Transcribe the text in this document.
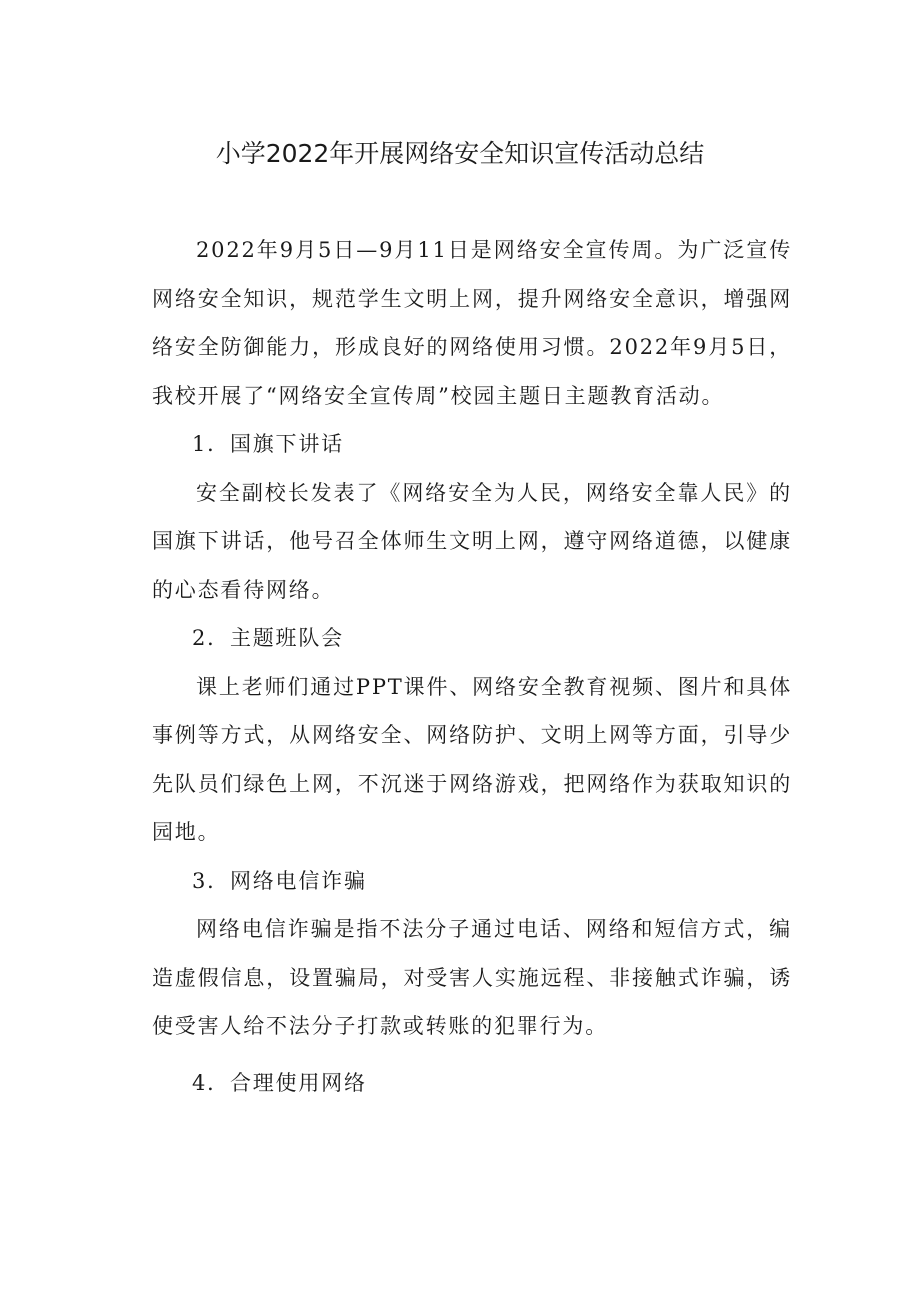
小学2022年开展网络安全知识宣传活动总结

2022年9月5日—9月11日是网络安全宣传周。为广泛宣传网络安全知识，规范学生文明上网，提升网络安全意识，增强网络安全防御能力，形成良好的网络使用习惯。2022年9月5日，我校开展了“网络安全宣传周”校园主题日主题教育活动。

1．国旗下讲话

安全副校长发表了《网络安全为人民，网络安全靠人民》的国旗下讲话，他号召全体师生文明上网，遵守网络道德，以健康的心态看待网络。

2．主题班队会

课上老师们通过PPT课件、网络安全教育视频、图片和具体事例等方式，从网络安全、网络防护、文明上网等方面，引导少先队员们绿色上网，不沉迷于网络游戏，把网络作为获取知识的园地。

3．网络电信诈骗

网络电信诈骗是指不法分子通过电话、网络和短信方式，编造虚假信息，设置骗局，对受害人实施远程、非接触式诈骗，诱使受害人给不法分子打款或转账的犯罪行为。

4．合理使用网络
